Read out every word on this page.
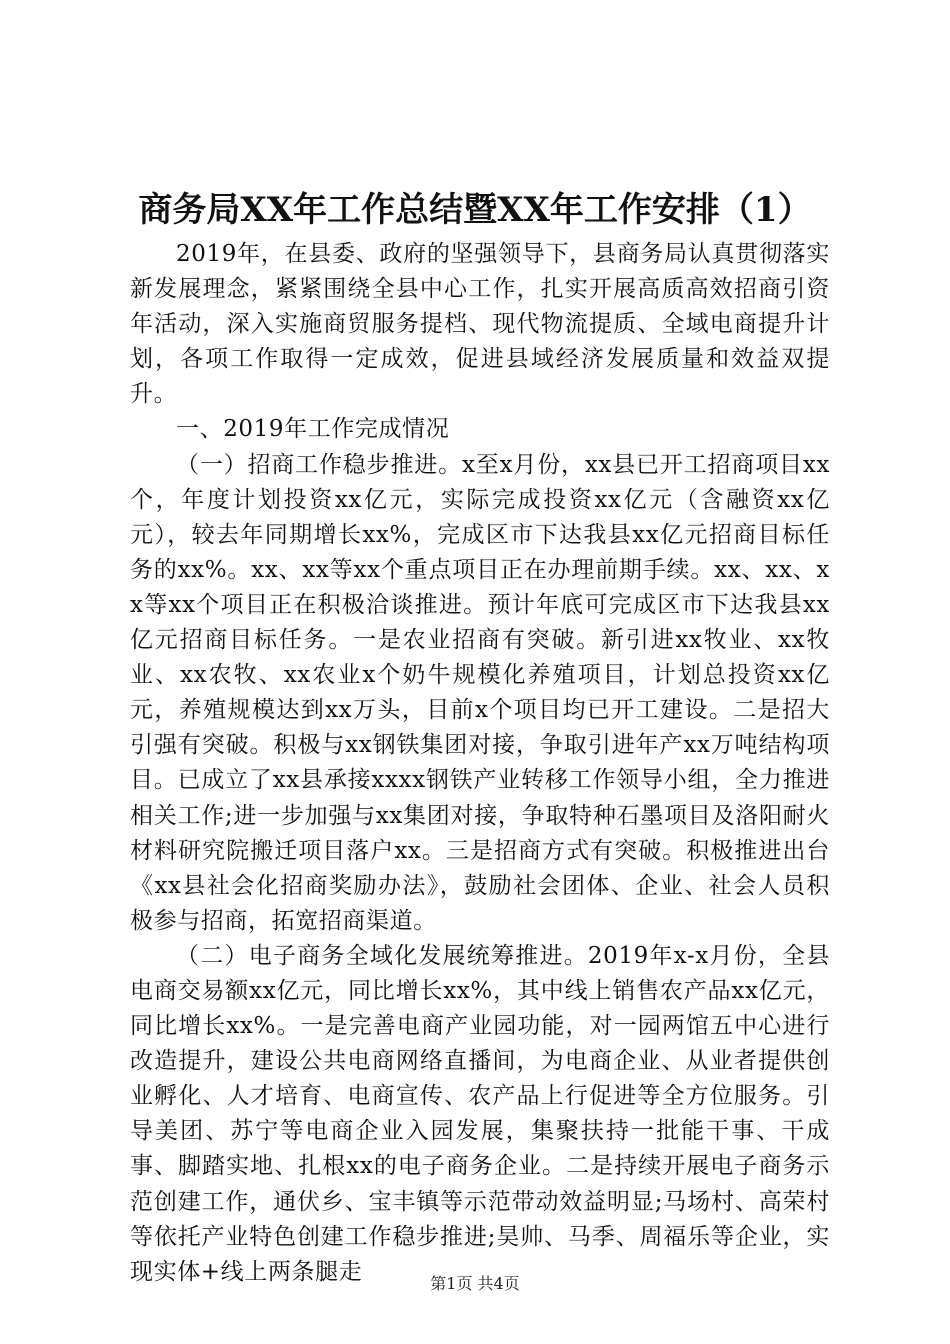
商务局XX年工作总结暨XX年工作安排（1）

2019年，在县委、政府的坚强领导下，县商务局认真贯彻落实新发展理念，紧紧围绕全县中心工作，扎实开展高质高效招商引资年活动，深入实施商贸服务提档、现代物流提质、全域电商提升计划，各项工作取得一定成效，促进县域经济发展质量和效益双提升。

一、2019年工作完成情况

（一）招商工作稳步推进。x至x月份，xx县已开工招商项目xx个，年度计划投资xx亿元，实际完成投资xx亿元（含融资xx亿元），较去年同期增长xx%，完成区市下达我县xx亿元招商目标任务的xx%。xx、xx等xx个重点项目正在办理前期手续。xx、xx、xx等xx个项目正在积极洽谈推进。预计年底可完成区市下达我县xx亿元招商目标任务。一是农业招商有突破。新引进xx牧业、xx牧业、xx农牧、xx农业x个奶牛规模化养殖项目，计划总投资xx亿元，养殖规模达到xx万头，目前x个项目均已开工建设。二是招大引强有突破。积极与xx钢铁集团对接，争取引进年产xx万吨结构项目。已成立了xx县承接xxxx钢铁产业转移工作领导小组，全力推进相关工作;进一步加强与xx集团对接，争取特种石墨项目及洛阳耐火材料研究院搬迁项目落户xx。三是招商方式有突破。积极推进出台《xx县社会化招商奖励办法》，鼓励社会团体、企业、社会人员积极参与招商，拓宽招商渠道。

（二）电子商务全域化发展统筹推进。2019年x-x月份，全县电商交易额xx亿元，同比增长xx%，其中线上销售农产品xx亿元，同比增长xx%。一是完善电商产业园功能，对一园两馆五中心进行改造提升，建设公共电商网络直播间，为电商企业、从业者提供创业孵化、人才培育、电商宣传、农产品上行促进等全方位服务。引导美团、苏宁等电商企业入园发展，集聚扶持一批能干事、干成事、脚踏实地、扎根xx的电子商务企业。二是持续开展电子商务示范创建工作，通伏乡、宝丰镇等示范带动效益明显;马场村、高荣村等依托产业特色创建工作稳步推进;昊帅、马季、周福乐等企业，实现实体+线上两条腿走	第1页 共4页
